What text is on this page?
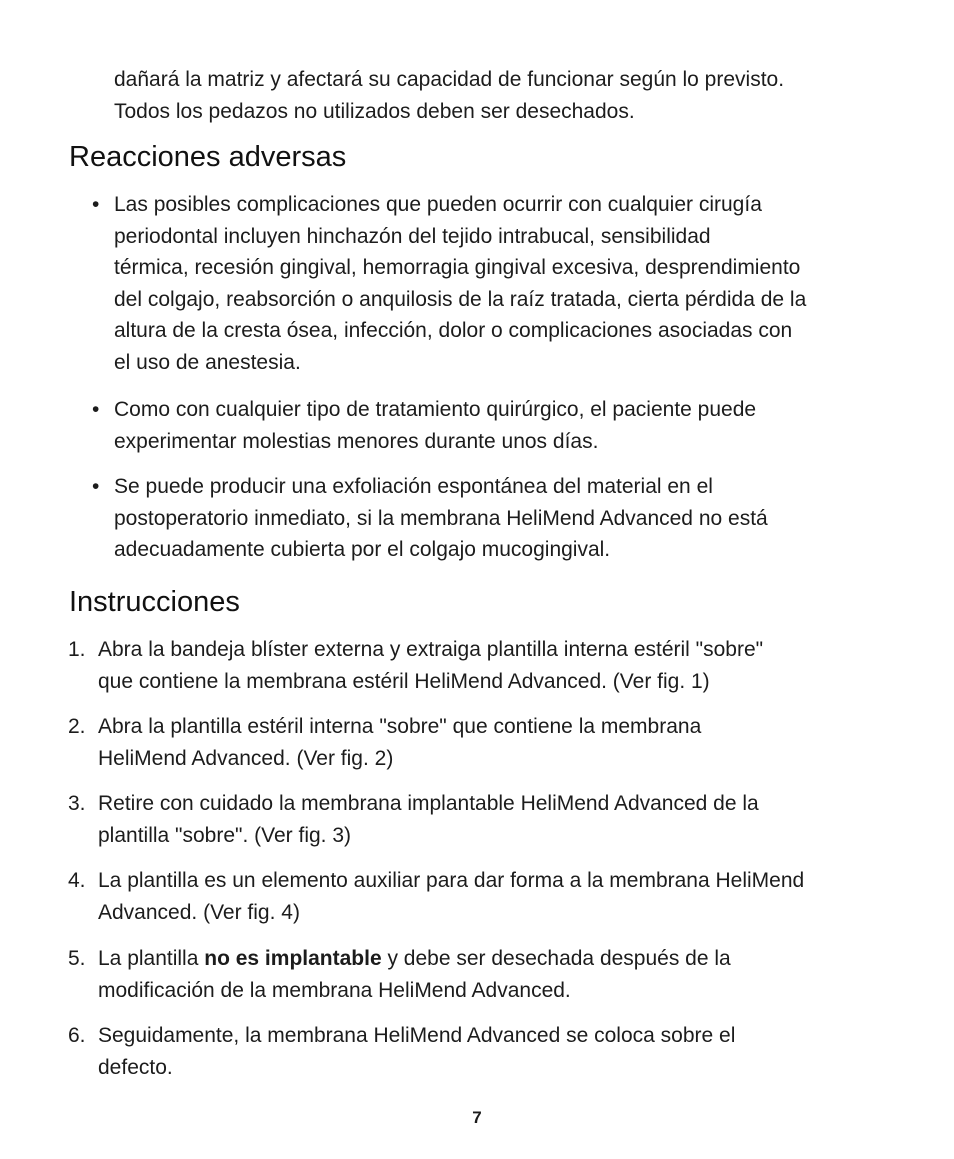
dañará la matriz y afectará su capacidad de funcionar según lo previsto.
Todos los pedazos no utilizados deben ser desechados.

Reacciones adversas
• Las posibles complicaciones que pueden ocurrir con cualquier cirugía
periodontal incluyen hinchazón del tejido intrabucal, sensibilidad
térmica, recesión gingival, hemorragia gingival excesiva, desprendimiento
del colgajo, reabsorción o anquilosis de la raíz tratada, cierta pérdida de la
altura de la cresta ósea, infección, dolor o complicaciones asociadas con
el uso de anestesia.
• Como con cualquier tipo de tratamiento quirúrgico, el paciente puede
experimentar molestias menores durante unos días.
• Se puede producir una exfoliación espontánea del material en el
postoperatorio inmediato, si la membrana HeliMend Advanced no está
adecuadamente cubierta por el colgajo mucogingival.
Instrucciones
1. Abra la bandeja blíster externa y extraiga plantilla interna estéril "sobre"
que contiene la membrana estéril HeliMend Advanced. (Ver fig. 1)
2. Abra la plantilla estéril interna "sobre" que contiene la membrana
HeliMend Advanced. (Ver fig. 2)
3. Retire con cuidado la membrana implantable HeliMend Advanced de la
plantilla "sobre". (Ver fig. 3)
4. La plantilla es un elemento auxiliar para dar forma a la membrana HeliMend
Advanced. (Ver fig. 4)
5. La plantilla no es implantable y debe ser desechada después de la
modificación de la membrana HeliMend Advanced.
6. Seguidamente, la membrana HeliMend Advanced se coloca sobre el
defecto.
7
